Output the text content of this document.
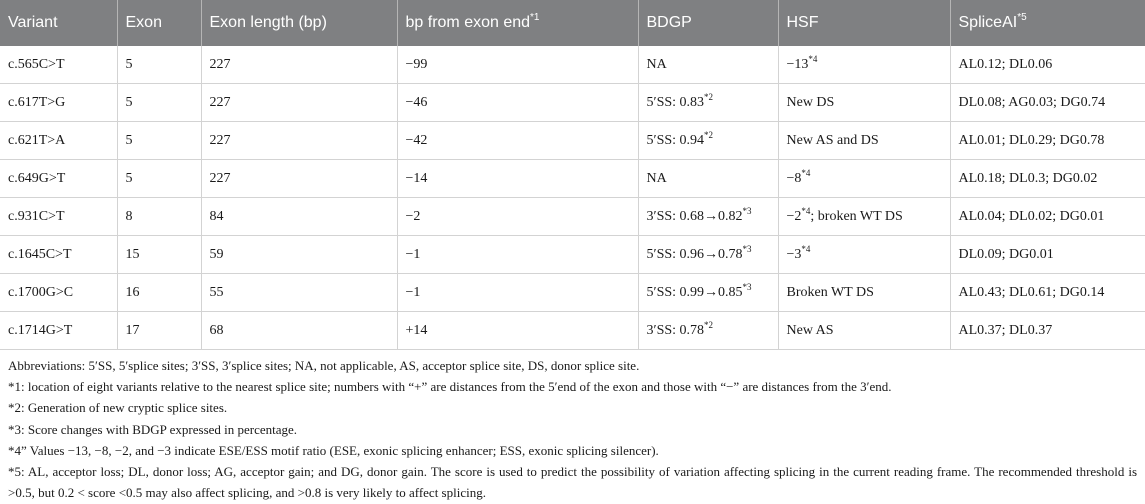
Variant	Exon	Exon length (bp)	bp from exon end$^{*1}$	BDGP	HSF	SpliceAI$^{*5}$
c.565C>T	5	227	−99	NA	$-13^{*4}$	AL0.12; DL0.06
c.617T>G	5	227	−46	5′SS: 0.83$^{*2}$	New DS	DL0.08; AG0.03; DG0.74
c.621T>A	5	227	−42	5′SS: 0.94$^{*2}$	New AS and DS	AL0.01; DL0.29; DG0.78
c.649G>T	5	227	−14	NA	$-8^{*4}$	AL0.18; DL0.3; DG0.02
c.931C>T	8	84	−2	3′SS: $0.68\to 0.82^{*3}$	$-2^{*4}$; broken WT DS	AL0.04; DL0.02; DG0.01
c.1645C>T	15	59	−1	5′SS: $0.96\to 0.78^{*3}$	$-3^{*4}$	DL0.09; DG0.01
c.1700G>C	16	55	−1	5′SS: $0.99\to 0.85^{*3}$	Broken WT DS	AL0.43; DL0.61; DG0.14
c.1714G>T	17	68	+14	3′SS: 0.78$^{*2}$	New AS	AL0.37; DL0.37
Abbreviations: 5′SS, 5′splice sites; 3′SS, 3′splice sites; NA, not applicable, AS, acceptor splice site, DS, donor splice site.
*1: location of eight variants relative to the nearest splice site; numbers with “+” are distances from the 5′end of the exon and those with “−” are distances from the 3′end.
*2: Generation of new cryptic splice sites.
*3: Score changes with BDGP expressed in percentage.
*4” Values −13, −8, −2, and −3 indicate ESE/ESS motif ratio (ESE, exonic splicing enhancer; ESS, exonic splicing silencer).
*5: AL, acceptor loss; DL, donor loss; AG, acceptor gain; and DG, donor gain. The score is used to predict the possibility of variation affecting splicing in the current reading frame. The recommended threshold is >0.5, but 0.2 < score <0.5 may also affect splicing, and >0.8 is very likely to affect splicing.
